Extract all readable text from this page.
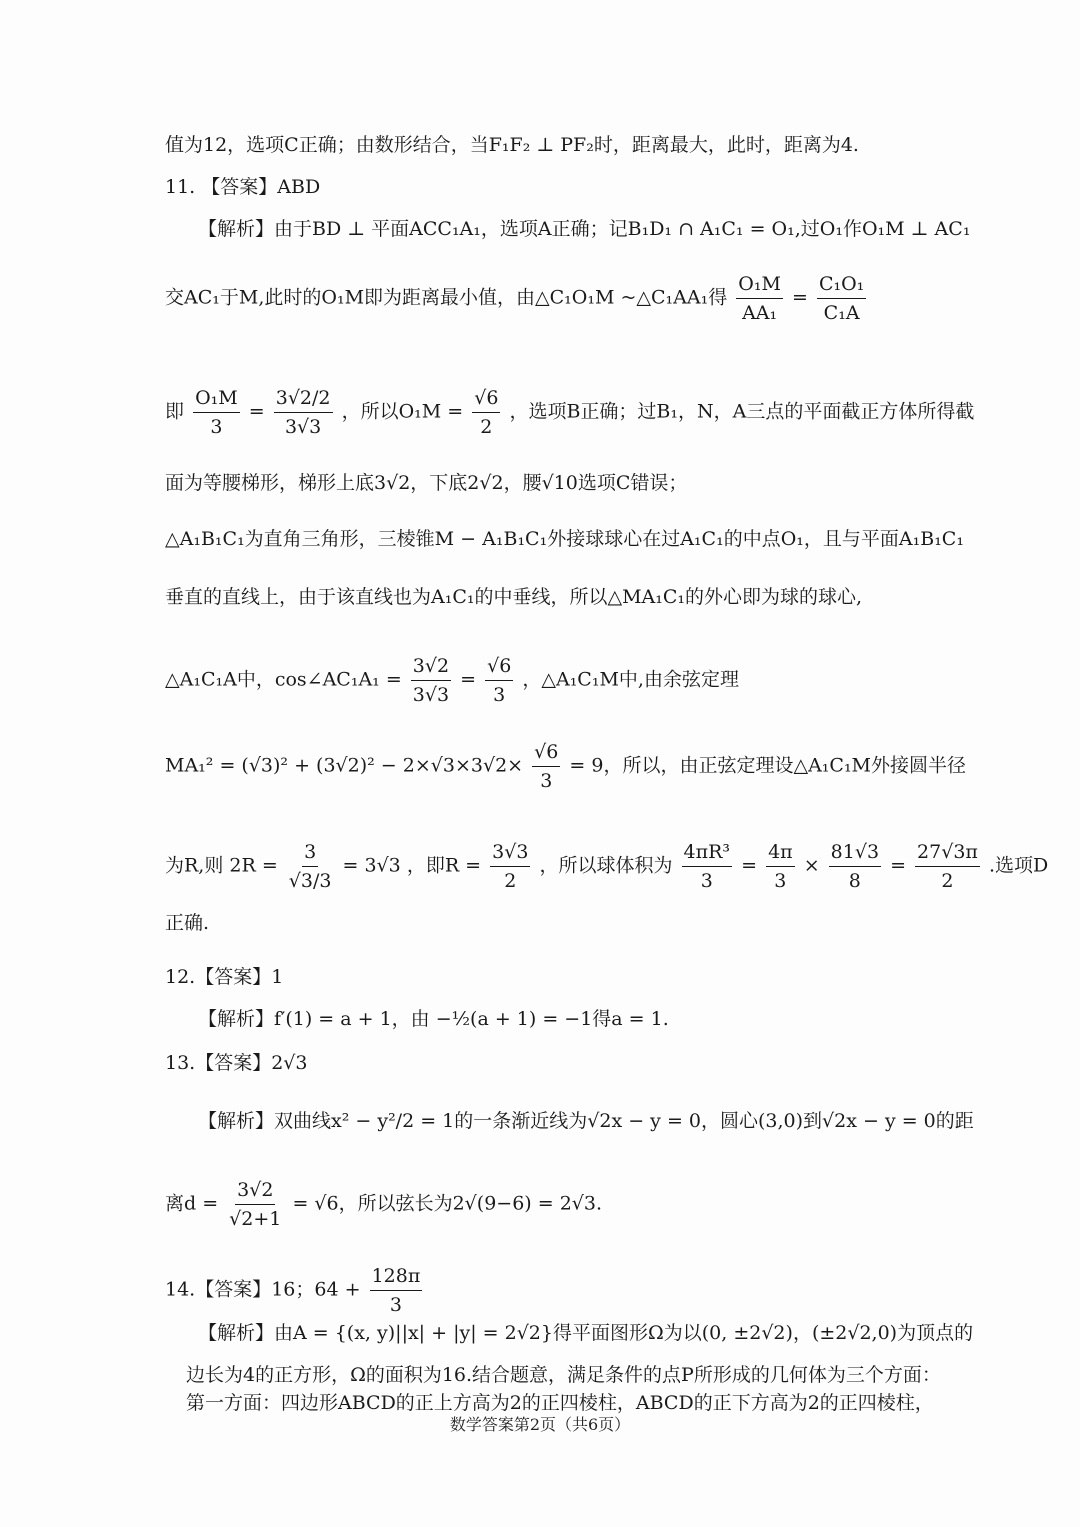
值为12，选项C正确；由数形结合，当F₁F₂ ⊥ PF₂时，距离最大，此时，距离为4.
11. 【答案】ABD
【解析】由于BD ⊥ 平面ACC₁A₁，选项A正确；记B₁D₁ ∩ A₁C₁ = O₁,过O₁作O₁M ⊥ AC₁
交AC₁于M,此时的O₁M即为距离最小值，由△C₁O₁M ~△C₁AA₁得 $\frac{\text{O₁M}}{\text{AA₁}} = \frac{\text{C₁O₁}}{\text{C₁A}}$
即 $\frac{\text{O₁M}}{3} = \frac{3√2/2}{3√3}$ ，所以$O_1M = \frac{√6}{2}$ ，选项B正确；过B₁，N，A三点的平面截正方体所得截
面为等腰梯形，梯形上底3√2，下底2√2，腰√10选项C错误；
△A₁B₁C₁为直角三角形，三棱锥M − A₁B₁C₁外接球球心在过A₁C₁的中点O₁，且与平面A₁B₁C₁
垂直的直线上，由于该直线也为A₁C₁的中垂线，所以△MA₁C₁的外心即为球的球心,
△A₁C₁A中，cos∠AC₁A₁ = $\frac{3√2}{3√3} = \frac{√6}{3}$ ，△A₁C₁M中,由余弦定理
$MA_1^2 = (√3)^2 + (3√2)^2 - 2\times√3\times 3√2\times \frac{√6}{3} = 9$，所以，由正弦定理设△A₁C₁M外接圆半径
为R,则 $2R = \frac{3}{√3/3} = 3√3$ ，即$R = \frac{3√3}{2}$ ，所以球体积为 $\frac{\text{4πR³}}{3} = \frac{4\pi}{3} \times \frac{81√3}{8} = \frac{27√3\pi}{2}$ .选项D
正确.
12.【答案】1
【解析】f′(1) = a + 1，由 −½(a + 1) = −1得a = 1.
13.【答案】2√3
【解析】双曲线x² − y²/2 = 1的一条渐近线为√2x − y = 0，圆心(3,0)到√2x − y = 0的距
离$d = \frac{3√2}{√2+1} = √6$，所以弦长为2√(9−6) = 2√3.
14.【答案】16；$64 + \frac{128\pi}{3}$
【解析】由A = {(x, y)||x| + |y| = 2√2}得平面图形Ω为以(0, ±2√2)，(±2√2,0)为顶点的
边长为4的正方形，Ω的面积为16.结合题意，满足条件的点P所形成的几何体为三个方面：
第一方面：四边形ABCD的正上方高为2的正四棱柱，ABCD的正下方高为2的正四棱柱，
数学答案第2页（共6页）
